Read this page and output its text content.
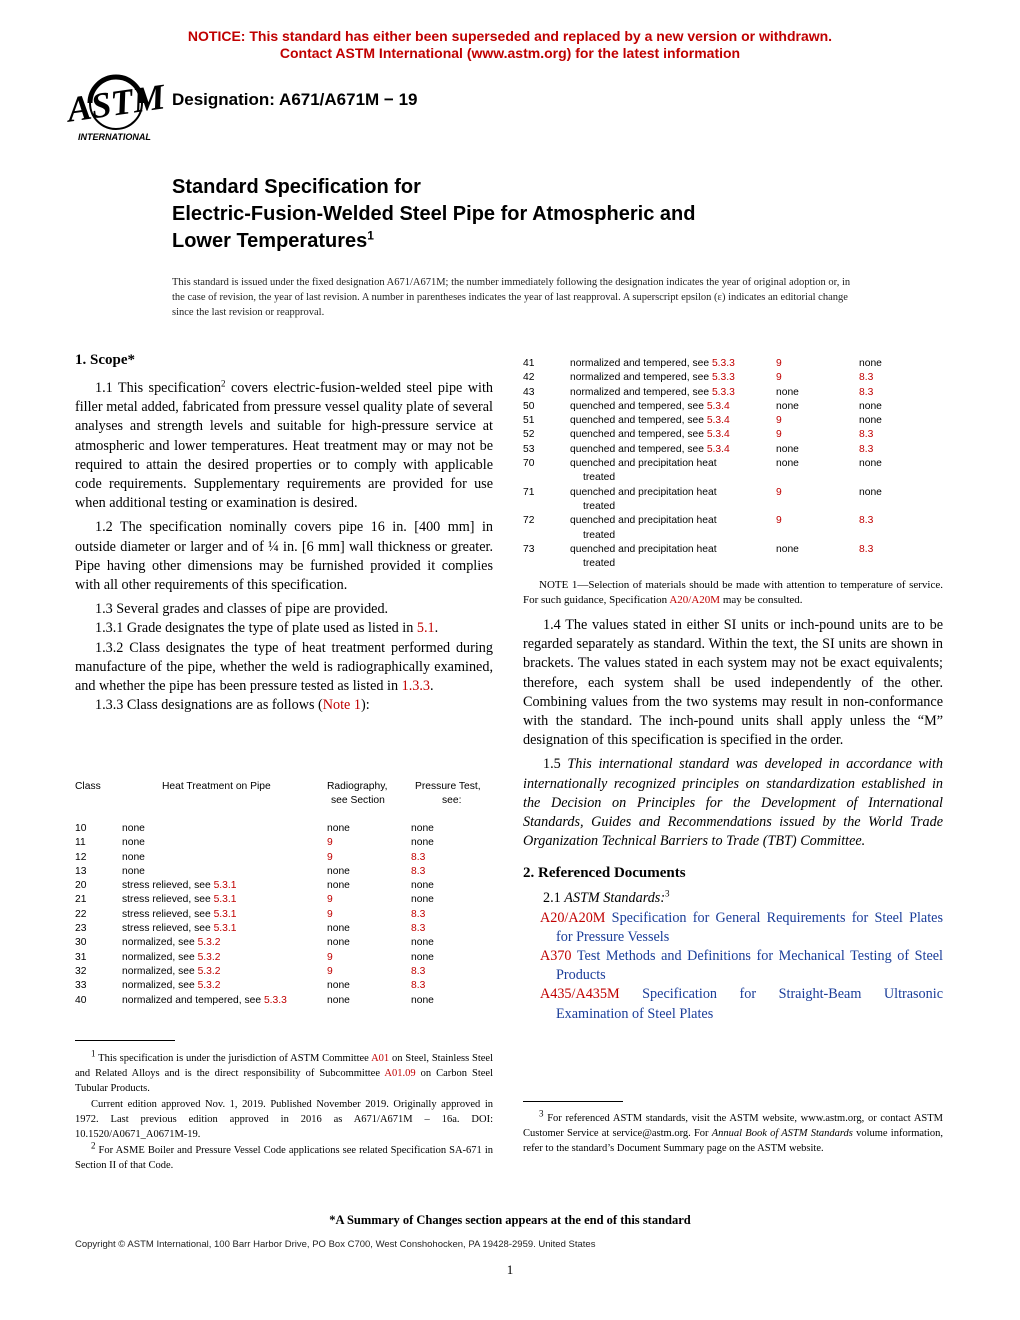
NOTICE: This standard has either been superseded and replaced by a new version or withdrawn.
Contact ASTM International (www.astm.org) for the latest information
ASTM
INTERNATIONAL
Designation: A671/A671M − 19
Standard Specification for
Electric-Fusion-Welded Steel Pipe for Atmospheric and
Lower Temperatures$^1$
This standard is issued under the fixed designation A671/A671M; the number immediately following the designation indicates the year of original adoption or, in the case of revision, the year of last revision. A number in parentheses indicates the year of last reapproval. A superscript epsilon (ε) indicates an editorial change since the last revision or reapproval.
1. Scope*

1.1 This specification$^2$ covers electric-fusion-welded steel pipe with filler metal added, fabricated from pressure vessel quality plate of several analyses and strength levels and suitable for high-pressure service at atmospheric and lower temperatures. Heat treatment may or may not be required to attain the desired properties or to comply with applicable code requirements. Supplementary requirements are provided for use when additional testing or examination is desired.

1.2 The specification nominally covers pipe 16 in. [400 mm] in outside diameter or larger and of ¼ in. [6 mm] wall thickness or greater. Pipe having other dimensions may be furnished provided it complies with all other requirements of this specification.

1.3 Several grades and classes of pipe are provided.

1.3.1 Grade designates the type of plate used as listed in 5.1.

1.3.2 Class designates the type of heat treatment performed during manufacture of the pipe, whether the weld is radiographically examined, and whether the pipe has been pressure tested as listed in 1.3.3.

1.3.3 Class designations are as follows (Note 1):

Class	Heat Treatment on Pipe	Radiography,
see Section
Pressure Test,
see:
10	none	none	none
11	none	9	none
12	none	9	8.3
13	none	none	8.3
20	stress relieved, see 5.3.1	none	none
21	stress relieved, see 5.3.1	9	none
22	stress relieved, see 5.3.1	9	8.3
23	stress relieved, see 5.3.1	none	8.3
30	normalized, see 5.3.2	none	none
31	normalized, see 5.3.2	9	none
32	normalized, see 5.3.2	9	8.3
33	normalized, see 5.3.2	none	8.3
40	normalized and tempered, see 5.3.3	none	none

$^1$ This specification is under the jurisdiction of ASTM Committee A01 on Steel, Stainless Steel and Related Alloys and is the direct responsibility of Subcommittee A01.09 on Carbon Steel Tubular Products.

Current edition approved Nov. 1, 2019. Published November 2019. Originally approved in 1972. Last previous edition approved in 2016 as A671/A671M – 16a. DOI: 10.1520/A0671_A0671M-19.

$^2$ For ASME Boiler and Pressure Vessel Code applications see related Specification SA-671 in Section II of that Code.

41	normalized and tempered, see 5.3.3	9	none
42	normalized and tempered, see 5.3.3	9	8.3
43	normalized and tempered, see 5.3.3	none	8.3
50	quenched and tempered, see 5.3.4	none	none
51	quenched and tempered, see 5.3.4	9	none
52	quenched and tempered, see 5.3.4	9	8.3
53	quenched and tempered, see 5.3.4	none	8.3
70	quenched and precipitation heat	none	none
treated
71	quenched and precipitation heat	9	none
treated
72	quenched and precipitation heat	9	8.3
treated
73	quenched and precipitation heat	none	8.3
treated
NOTE 1—Selection of materials should be made with attention to temperature of service. For such guidance, Specification A20/A20M may be consulted.

1.4 The values stated in either SI units or inch-pound units are to be regarded separately as standard. Within the text, the SI units are shown in brackets. The values stated in each system may not be exact equivalents; therefore, each system shall be used independently of the other. Combining values from the two systems may result in non-conformance with the standard. The inch-pound units shall apply unless the “M” designation of this specification is specified in the order.

1.5 This international standard was developed in accordance with internationally recognized principles on standardization established in the Decision on Principles for the Development of International Standards, Guides and Recommendations issued by the World Trade Organization Technical Barriers to Trade (TBT) Committee.

2. Referenced Documents

2.1 ASTM Standards:$^3$

A20/A20M Specification for General Requirements for Steel Plates for Pressure Vessels
A370 Test Methods and Definitions for Mechanical Testing of Steel Products
A435/A435M Specification for Straight-Beam Ultrasonic Examination of Steel Plates

$^3$ For referenced ASTM standards, visit the ASTM website, www.astm.org, or contact ASTM Customer Service at service@astm.org. For Annual Book of ASTM Standards volume information, refer to the standard’s Document Summary page on the ASTM website.

*A Summary of Changes section appears at the end of this standard
Copyright © ASTM International, 100 Barr Harbor Drive, PO Box C700, West Conshohocken, PA 19428-2959. United States
1
